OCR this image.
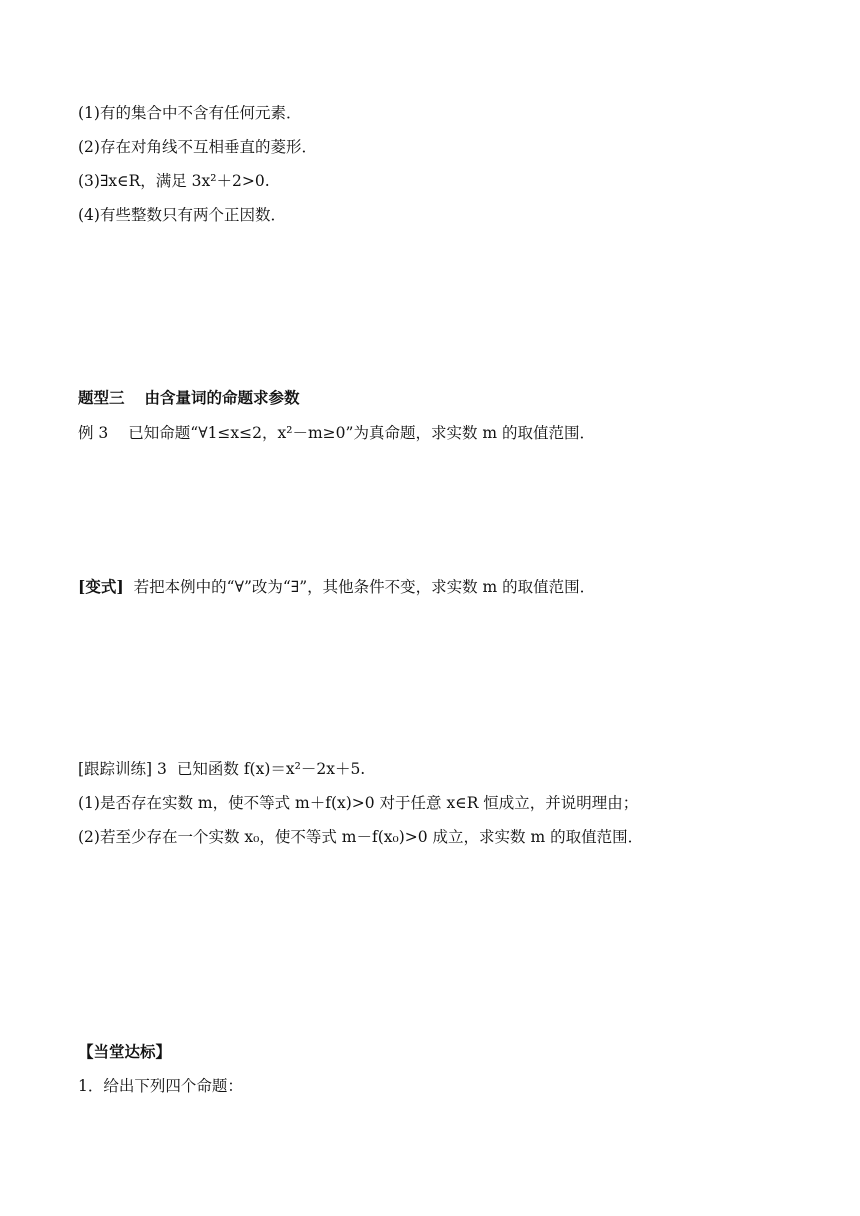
(1)有的集合中不含有任何元素．

(2)存在对角线不互相垂直的菱形．

(3)∃x∈R，满足 3x²＋2>0.

(4)有些整数只有两个正因数．

题型三 由含量词的命题求参数

例 3 已知命题“∀1≤x≤2，x²－m≥0”为真命题，求实数 m 的取值范围．

[变式] 若把本例中的“∀”改为“∃”，其他条件不变，求实数 m 的取值范围．

[跟踪训练] 3 已知函数 f(x)＝x²－2x＋5.

(1)是否存在实数 m，使不等式 m＋f(x)>0 对于任意 x∈R 恒成立，并说明理由；

(2)若至少存在一个实数 x₀，使不等式 m－f(x₀)>0 成立，求实数 m 的取值范围．

【当堂达标】

1．给出下列四个命题：
